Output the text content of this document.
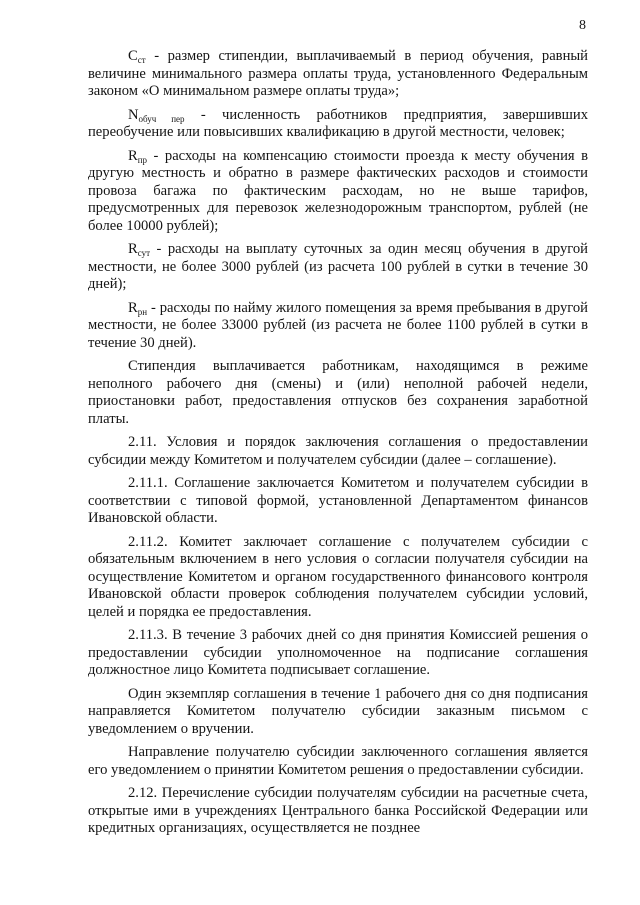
8

$С_{ст}$ - размер стипендии, выплачиваемый в период обучения, равный величине минимального размера оплаты труда, установленного Федеральным законом «О минимальном размере оплаты труда»;

$N_{обуч пер}$ - численность работников предприятия, завершивших переобучение или повысивших квалификацию в другой местности, человек;

$R_{пр}$ - расходы на компенсацию стоимости проезда к месту обучения в другую местность и обратно в размере фактических расходов и стоимости провоза багажа по фактическим расходам, но не выше тарифов, предусмотренных для перевозок железнодорожным транспортом, рублей (не более 10000 рублей);

$R_{сут}$ - расходы на выплату суточных за один месяц обучения в другой местности, не более 3000 рублей (из расчета 100 рублей в сутки в течение 30 дней);

$R_{рн}$ - расходы по найму жилого помещения за время пребывания в другой местности, не более 33000 рублей (из расчета не более 1100 рублей в сутки в течение 30 дней).

Стипендия выплачивается работникам, находящимся в режиме неполного рабочего дня (смены) и (или) неполной рабочей недели, приостановки работ, предоставления отпусков без сохранения заработной платы.

2.11. Условия и порядок заключения соглашения о предоставлении субсидии между Комитетом и получателем субсидии (далее – соглашение).

2.11.1. Соглашение заключается Комитетом и получателем субсидии в соответствии с типовой формой, установленной Департаментом финансов Ивановской области.

2.11.2. Комитет заключает соглашение с получателем субсидии с обязательным включением в него условия о согласии получателя субсидии на осуществление Комитетом и органом государственного финансового контроля Ивановской области проверок соблюдения получателем субсидии условий, целей и порядка ее предоставления.

2.11.3. В течение 3 рабочих дней со дня принятия Комиссией решения о предоставлении субсидии уполномоченное на подписание соглашения должностное лицо Комитета подписывает соглашение.

Один экземпляр соглашения в течение 1 рабочего дня со дня подписания направляется Комитетом получателю субсидии заказным письмом с уведомлением о вручении.

Направление получателю субсидии заключенного соглашения является его уведомлением о принятии Комитетом решения о предоставлении субсидии.

2.12. Перечисление субсидии получателям субсидии на расчетные счета, открытые ими в учреждениях Центрального банка Российской Федерации или кредитных организациях, осуществляется не позднее
